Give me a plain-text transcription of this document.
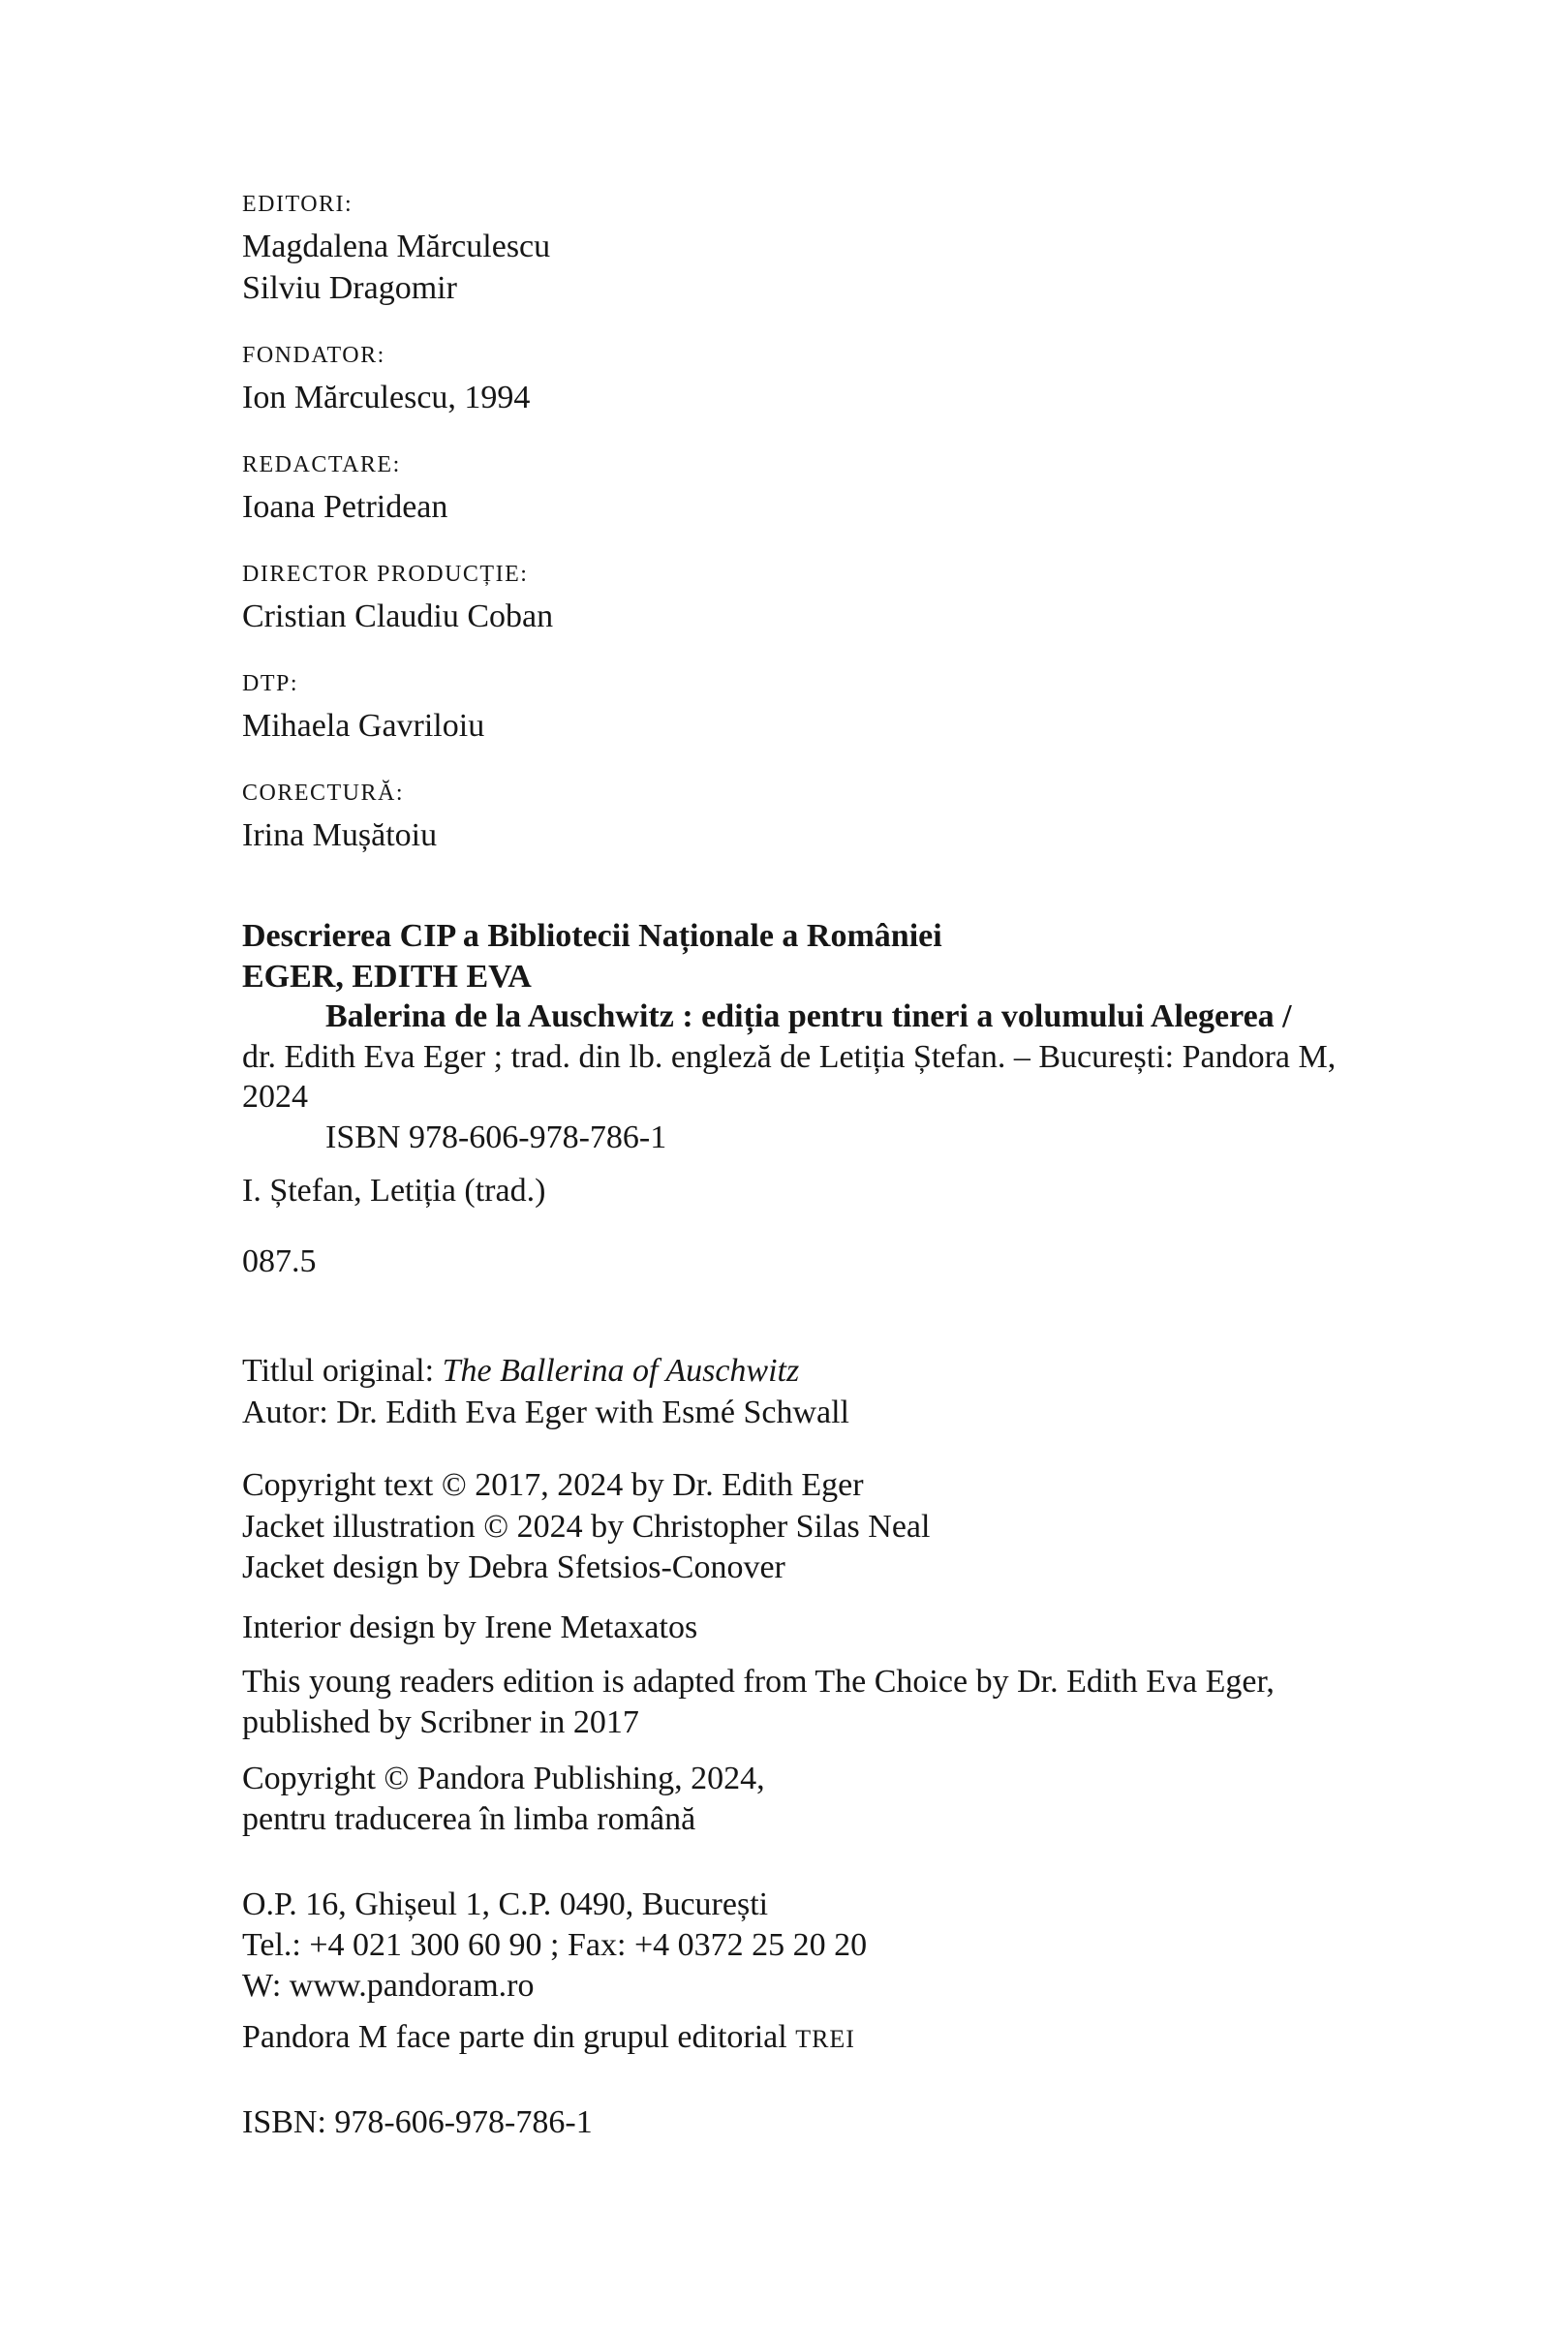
EDITORI:
Magdalena Mărculescu
Silviu Dragomir
FONDATOR:
Ion Mărculescu, 1994
REDACTARE:
Ioana Petridean
DIRECTOR PRODUCȚIE:
Cristian Claudiu Coban
DTP:
Mihaela Gavriloiu
CORECTURĂ:
Irina Mușătoiu
Descrierea CIP a Bibliotecii Naționale a României
EGER, EDITH EVA
Balerina de la Auschwitz : ediția pentru tineri a volumului Alegerea /
dr. Edith Eva Eger ; trad. din lb. engleză de Letiția Ștefan. – București: Pandora M,
2024
ISBN 978-606-978-786-1
I. Ștefan, Letiția (trad.)
087.5
Titlul original: The Ballerina of Auschwitz
Autor: Dr. Edith Eva Eger with Esmé Schwall
Copyright text © 2017, 2024 by Dr. Edith Eger
Jacket illustration © 2024 by Christopher Silas Neal
Jacket design by Debra Sfetsios-Conover
Interior design by Irene Metaxatos
This young readers edition is adapted from The Choice by Dr. Edith Eva Eger,
published by Scribner in 2017
Copyright © Pandora Publishing, 2024,
pentru traducerea în limba română
O.P. 16, Ghișeul 1, C.P. 0490, București
Tel.: +4 021 300 60 90 ; Fax: +4 0372 25 20 20
W: www.pandoram.ro
Pandora M face parte din grupul editorial TREI
ISBN: 978-606-978-786-1
